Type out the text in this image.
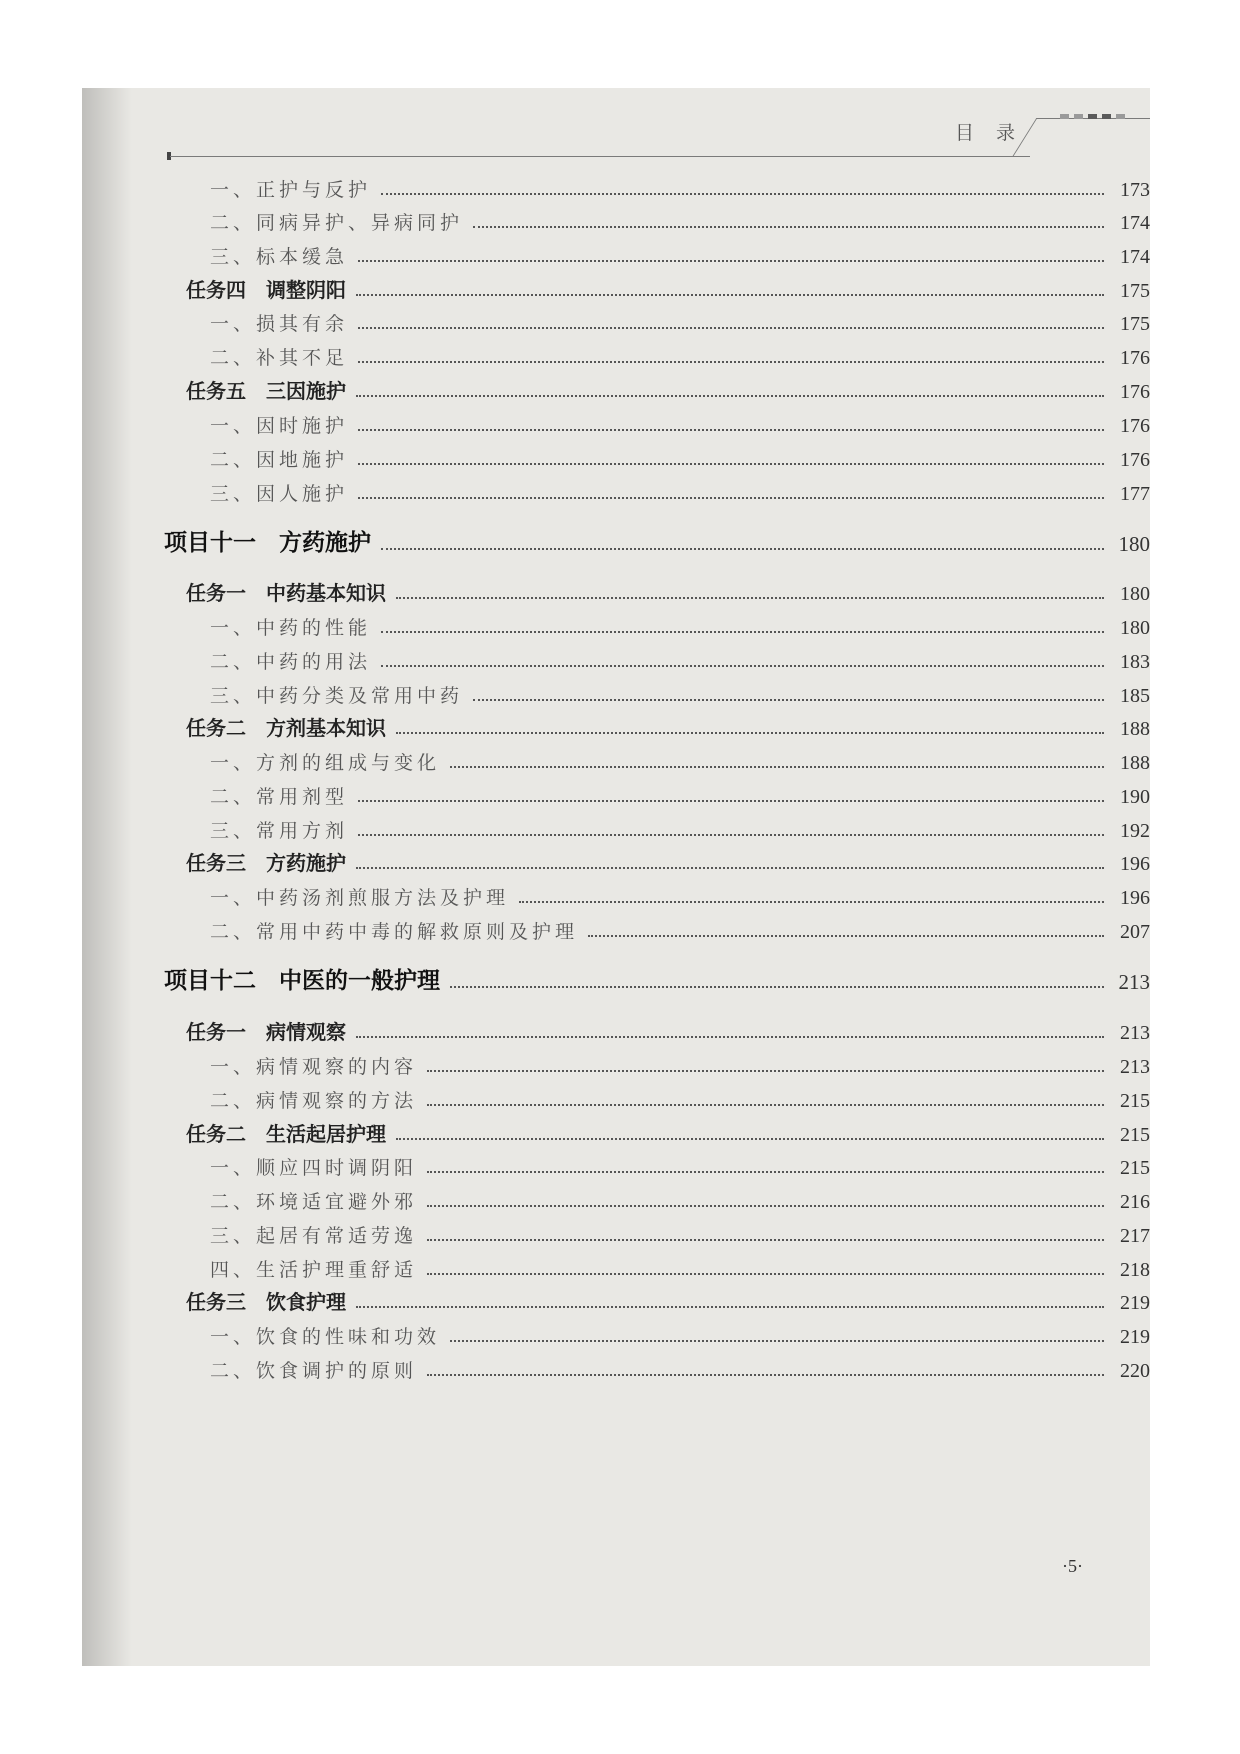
目 录
一、正护与反护	173
二、同病异护、异病同护	174
三、标本缓急	174
任务四　调整阴阳	175
一、损其有余	175
二、补其不足	176
任务五　三因施护	176
一、因时施护	176
二、因地施护	176
三、因人施护	177
项目十一　方药施护	180
任务一　中药基本知识	180
一、中药的性能	180
二、中药的用法	183
三、中药分类及常用中药	185
任务二　方剂基本知识	188
一、方剂的组成与变化	188
二、常用剂型	190
三、常用方剂	192
任务三　方药施护	196
一、中药汤剂煎服方法及护理	196
二、常用中药中毒的解救原则及护理	207
项目十二　中医的一般护理	213
任务一　病情观察	213
一、病情观察的内容	213
二、病情观察的方法	215
任务二　生活起居护理	215
一、顺应四时调阴阳	215
二、环境适宜避外邪	216
三、起居有常适劳逸	217
四、生活护理重舒适	218
任务三　饮食护理	219
一、饮食的性味和功效	219
二、饮食调护的原则	220
·5·
